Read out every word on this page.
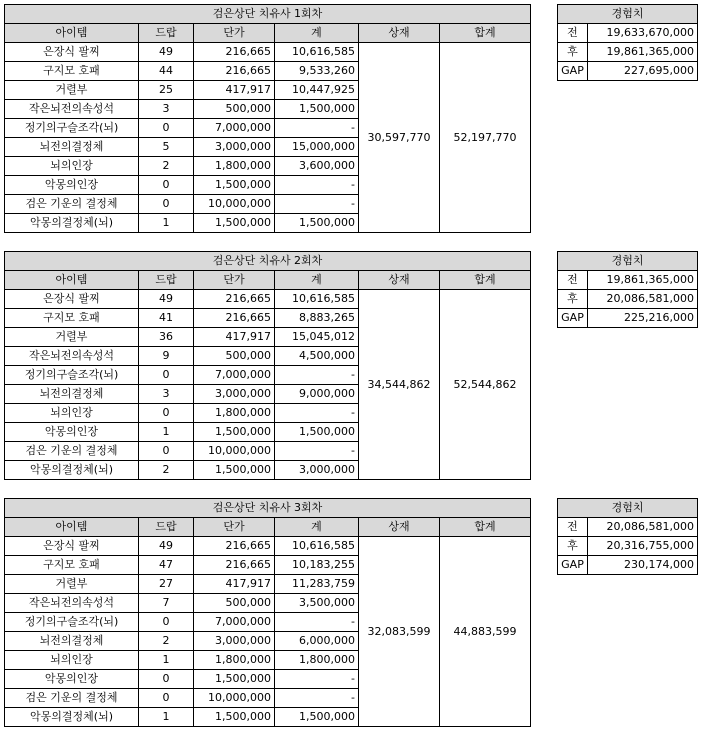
검은상단 치유사 1회차					
아이템	드랍	단가	계	상재	합계
은장식 팔찌	49	216,665	10,616,585	30,597,770	52,197,770
구지모 호패	44	216,665	9,533,260		
거렬부	25	417,917	10,447,925		
작은뇌전의속성석	3	500,000	1,500,000		
정기의구슬조각(뇌)	0	7,000,000	-		
뇌전의결정체	5	3,000,000	15,000,000		
뇌의인장	2	1,800,000	3,600,000		
악몽의인장	0	1,500,000	-		
검은 기운의 결정체	0	10,000,000	-		
악몽의결정체(뇌)	1	1,500,000	1,500,000		
경험치	
전	19,633,670,000
후	19,861,365,000
GAP	227,695,000
검은상단 치유사 2회차					
아이템	드랍	단가	계	상재	합계
은장식 팔찌	49	216,665	10,616,585	34,544,862	52,544,862
구지모 호패	41	216,665	8,883,265		
거렬부	36	417,917	15,045,012		
작은뇌전의속성석	9	500,000	4,500,000		
정기의구슬조각(뇌)	0	7,000,000	-		
뇌전의결정체	3	3,000,000	9,000,000		
뇌의인장	0	1,800,000	-		
악몽의인장	1	1,500,000	1,500,000		
검은 기운의 결정체	0	10,000,000	-		
악몽의결정체(뇌)	2	1,500,000	3,000,000		
경험치	
전	19,861,365,000
후	20,086,581,000
GAP	225,216,000
검은상단 치유사 3회차					
아이템	드랍	단가	계	상재	합계
은장식 팔찌	49	216,665	10,616,585	32,083,599	44,883,599
구지모 호패	47	216,665	10,183,255		
거렬부	27	417,917	11,283,759		
작은뇌전의속성석	7	500,000	3,500,000		
정기의구슬조각(뇌)	0	7,000,000	-		
뇌전의결정체	2	3,000,000	6,000,000		
뇌의인장	1	1,800,000	1,800,000		
악몽의인장	0	1,500,000	-		
검은 기운의 결정체	0	10,000,000	-		
악몽의결정체(뇌)	1	1,500,000	1,500,000		
경험치	
전	20,086,581,000
후	20,316,755,000
GAP	230,174,000
